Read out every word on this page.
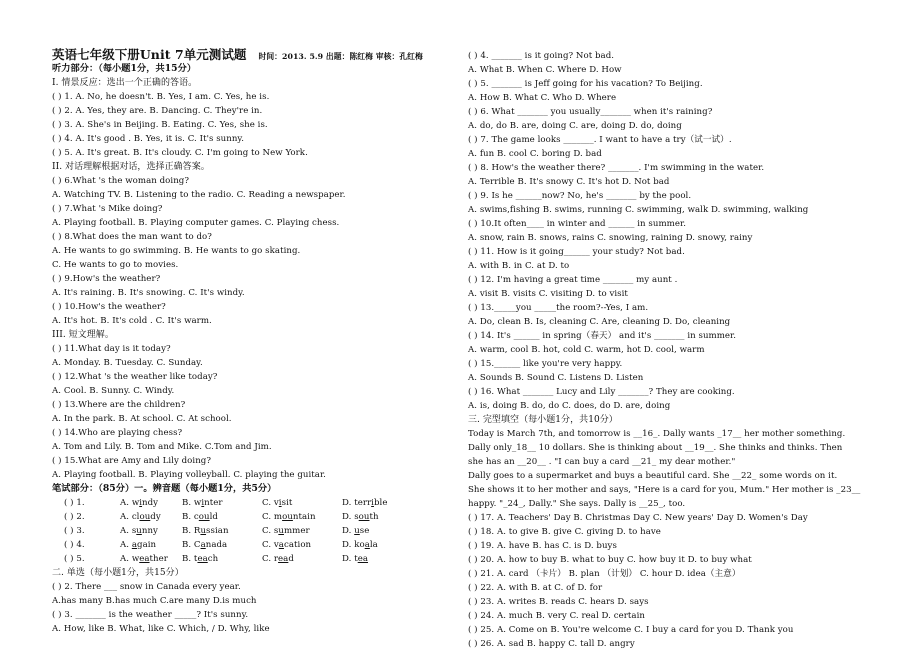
英语七年级下册Unit 7单元测试题 时间：2013. 5.9 出题：陈红梅 审核：孔红梅
听力部分：（每小题1分，共15分）
I. 情景反应：选出一个正确的答语。
( ) 1. A. No, he doesn't. B. Yes, I am. C. Yes, he is.
( ) 2. A. Yes, they are. B. Dancing. C. They're in.
( ) 3. A. She's in Beijing. B. Eating. C. Yes, she is.
( ) 4. A. It's good . B. Yes, it is. C. It's sunny.
( ) 5. A. It's great. B. It's cloudy. C. I'm going to New York.
II. 对话理解根据对话，选择正确答案。
( ) 6.What 's the woman doing?
A. Watching TV. B. Listening to the radio. C. Reading a newspaper.
( ) 7.What 's Mike doing?
A. Playing football. B. Playing computer games. C. Playing chess.
( ) 8.What does the man want to do?
A. He wants to go swimming. B. He wants to go skating.
C. He wants to go to movies.
( ) 9.How's the weather?
A. It's raining. B. It's snowing. C. It's windy.
( ) 10.How's the weather?
A. It's hot. B. It's cold . C. It's warm.
III. 短文理解。
( ) 11.What day is it today?
A. Monday. B. Tuesday. C. Sunday.
( ) 12.What 's the weather like today?
A. Cool. B. Sunny. C. Windy.
( ) 13.Where are the children?
A. In the park. B. At school. C. At school.
( ) 14.Who are playing chess?
A. Tom and Lily. B. Tom and Mike. C.Tom and Jim.
( ) 15.What are Amy and Lily doing?
A. Playing football. B. Playing volleyball. C. playing the guitar.
笔试部分：（85分）一。辨音题（每小题1分，共5分）
( ) 1.	A. windy	B. winter	C. visit	D. terrible
( ) 2.	A. cloudy B. could	C. mountain	D. south
( ) 3.	A. sunny	B. Russian	C. summer	D. use
( ) 4.	A. again	B. Canada	C. vacation	D. koala
( ) 5.	A. weather B. teach	C. read	D. tea
二. 单选（每小题1分，共15分）
( ) 2. There ___ snow in Canada every year.
A.has many B.has much C.are many D.is much
( ) 3. _______ is the weather _____? It's sunny.
A. How, like B. What, like C. Which, / D. Why, like
( ) 4. _______ is it going? Not bad.
A. What B. When C. Where D. How
( ) 5. _______ is Jeff going for his vacation? To Beijing.
A. How B. What C. Who D. Where
( ) 6. What _______ you usually_______ when it's raining?
A. do, do B. are, doing C. are, doing D. do, doing
( ) 7. The game looks _______. I want to have a try（试一试）.
A. fun B. cool C. boring D. bad
( ) 8. How's the weather there? _______. I'm swimming in the water.
A. Terrible B. It's snowy C. It's hot D. Not bad
( ) 9. Is he ______now? No, he's _______ by the pool.
A. swims,fishing B. swims, running C. swimming, walk D. swimming, walking
( ) 10.It often____ in winter and ______ in summer.
A. snow, rain B. snows, rains C. snowing, raining D. snowy, rainy
( ) 11. How is it going______ your study? Not bad.
A. with B. in C. at D. to
( ) 12. I'm having a great time _______ my aunt .
A. visit B. visits C. visiting D. to visit
( ) 13._____you _____the room?--Yes, I am.
A. Do, clean B. Is, cleaning C. Are, cleaning D. Do, cleaning
( ) 14. It's ______ in spring（春天） and it's _______ in summer.
A. warm, cool B. hot, cold C. warm, hot D. cool, warm
( ) 15.______ like you're very happy.
A. Sounds B. Sound C. Listens D. Listen
( ) 16. What _______ Lucy and Lily _______? They are cooking.
A. is, doing B. do, do C. does, do D. are, doing
三. 完型填空（每小题1分，共10分）
Today is March 7th, and tomorrow is __16_. Dally wants _17__ her mother something.
Dally only_18__ 10 dollars. She is thinking about __19__. She thinks and thinks. Then
she has an __20__ . "I can buy a card __21_ my dear mother."
Dally goes to a supermarket and buys a beautiful card. She __22_ some words on it.
She shows it to her mother and says, "Here is a card for you, Mum." Her mother is _23__
happy. "_24_, Dally." She says. Dally is __25_, too.
( ) 17. A. Teachers' Day B. Christmas Day C. New years' Day D. Women's Day
( ) 18. A. to give B. give C. giving D. to have
( ) 19. A. have B. has C. is D. buys
( ) 20. A. how to buy B. what to buy C. how buy it D. to buy what
( ) 21. A. card （卡片） B. plan （计划） C. hour D. idea（主意）
( ) 22. A. with B. at C. of D. for
( ) 23. A. writes B. reads C. hears D. says
( ) 24. A. much B. very C. real D. certain
( ) 25. A. Come on B. You're welcome C. I buy a card for you D. Thank you
( ) 26. A. sad B. happy C. tall D. angry
